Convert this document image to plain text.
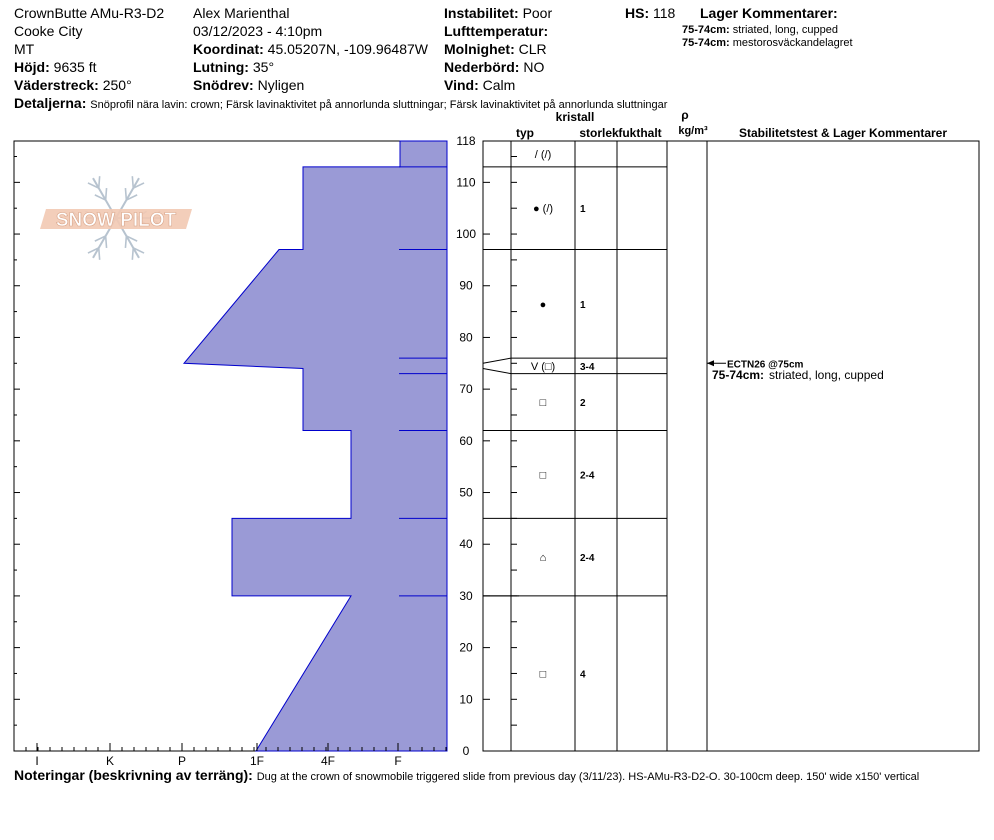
CrownButte AMu-R3-D2
Cooke City
MT
Höjd: 9635 ft
Väderstreck: 250°
Alex Marienthal
03/12/2023 - 4:10pm
Koordinat: 45.05207N, -109.96487W
Lutning: 35°
Snödrev: Nyligen
Instabilitet: Poor
Lufttemperatur:
Molnighet: CLR
Nederbörd: NO
Vind: Calm
HS: 118 Lager Kommentarer:
75-74cm: striated, long, cupped
75-74cm: mestorosväckandelagret
Detaljerna: Snöprofil nära lavin: crown; Färsk lavinaktivitet på annorlunda sluttningar; Färsk lavinaktivitet på annorlunda sluttningar
I	K	P	1F	4F	F
0
10
20
30
40
50
60
70
80
90
100
110
118
kristall
typ	storlek fukthalt
ρ
kg/m³	Stabilitetstest & Lager Kommentarer
/ (/)
● (/)	1
●	1
V (□) 3-4
□	2
□	2-4
⌂	2-4
□	4
ECTN26 @75cm
75-74cm: striated, long, cupped
SNOW PILOT
Noteringar (beskrivning av terräng): Dug at the crown of snowmobile triggered slide from previous day (3/11/23). HS-AMu-R3-D2-O. 30-100cm deep. 150' wide x150' vertical
